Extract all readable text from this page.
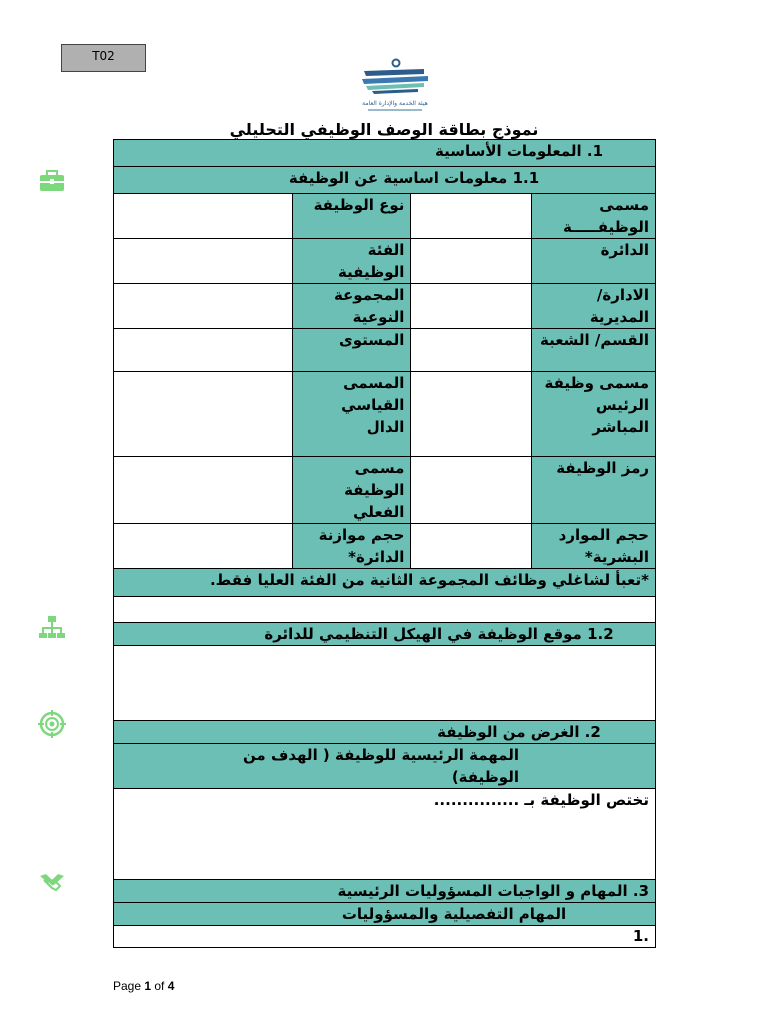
T02
هيئة الخدمة والإدارة العامة
نموذج بطاقة الوصف الوظيفي التحليلي
1. المعلومات الأساسية			
1.1 معلومات اساسية عن الوظيفة			
مسمى الوظيفـــــة		نوع الوظيفة	
الدائرة		الفئة الوظيفية	
الادارة/ المديرية		المجموعة النوعية	
القسم/ الشعبة		المستوى	
مسمى وظيفة الرئيس المباشر		المسمى القياسي الدال	
رمز الوظيفة		مسمى الوظيفة الفعلي	
حجم الموارد البشرية*		حجم موازنة الدائرة*	
*تعبأ لشاغلي وظائف المجموعة الثانية من الفئة العليا فقط.			

1.2 موقع الوظيفة في الهيكل التنظيمي للدائرة			

2. الغرض من الوظيفة			
المهمة الرئيسية للوظيفة ( الهدف من الوظيفة)			
تختص الوظيفة بـ ...............			
3. المهام و الواجبات المسؤوليات الرئيسية			
المهام التفصيلية والمسؤوليات			
.1			
Page 1 of 4
